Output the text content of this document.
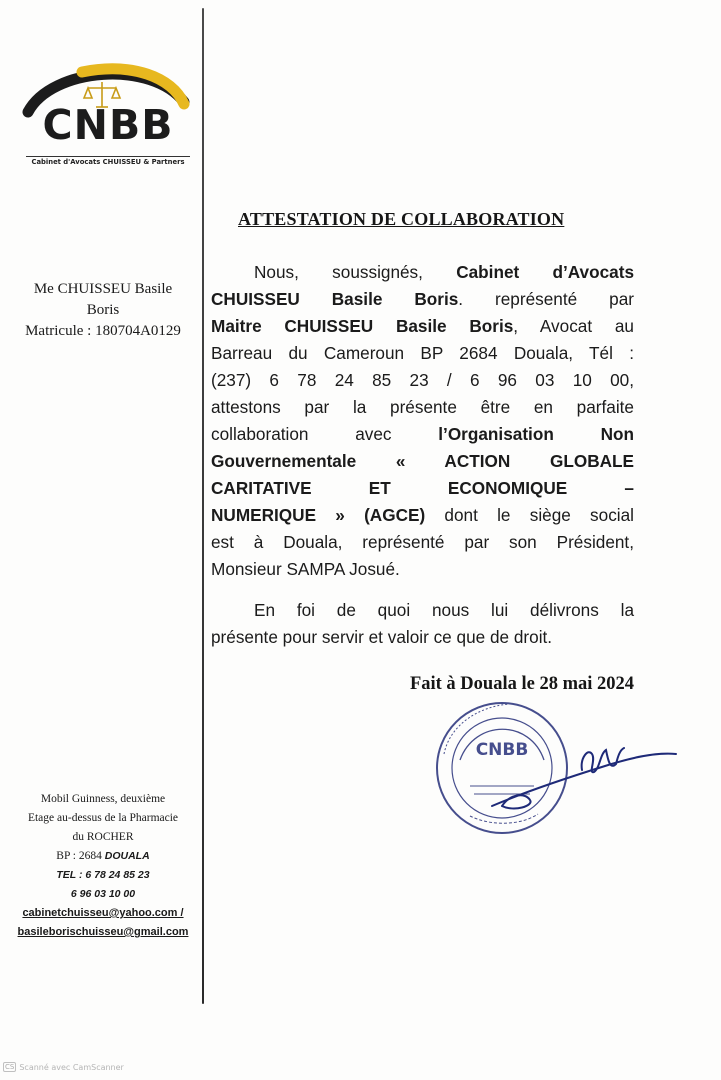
CNBB
Cabinet d'Avocats CHUISSEU & Partners
Me CHUISSEU Basile
Boris
Matricule : 180704A0129
Mobil Guinness, deuxième
Etage au-dessus de la Pharmacie
du ROCHER
BP : 2684 DOUALA
TEL : 6 78 24 85 23
6 96 03 10 00
cabinetchuisseu@yahoo.com /
basileborischuisseu@gmail.com
ATTESTATION DE COLLABORATION
Nous, soussignés, Cabinet d’Avocats
CHUISSEU Basile Boris. représenté par
Maitre CHUISSEU Basile Boris, Avocat au
Barreau du Cameroun BP 2684 Douala, Tél :
(237) 6 78 24 85 23 / 6 96 03 10 00,
attestons par la présente être en parfaite
collaboration avec	l’Organisation Non
Gouvernementale « ACTION GLOBALE
CARITATIVE ET ECONOMIQUE –
NUMERIQUE » (AGCE) dont le siège social
est à Douala, représenté par son Président,
Monsieur SAMPA Josué.
En foi de quoi nous lui délivrons la
présente pour servir et valoir ce que de droit.
Fait à Douala le 28 mai 2024
CNBB
CS Scanné avec CamScanner
